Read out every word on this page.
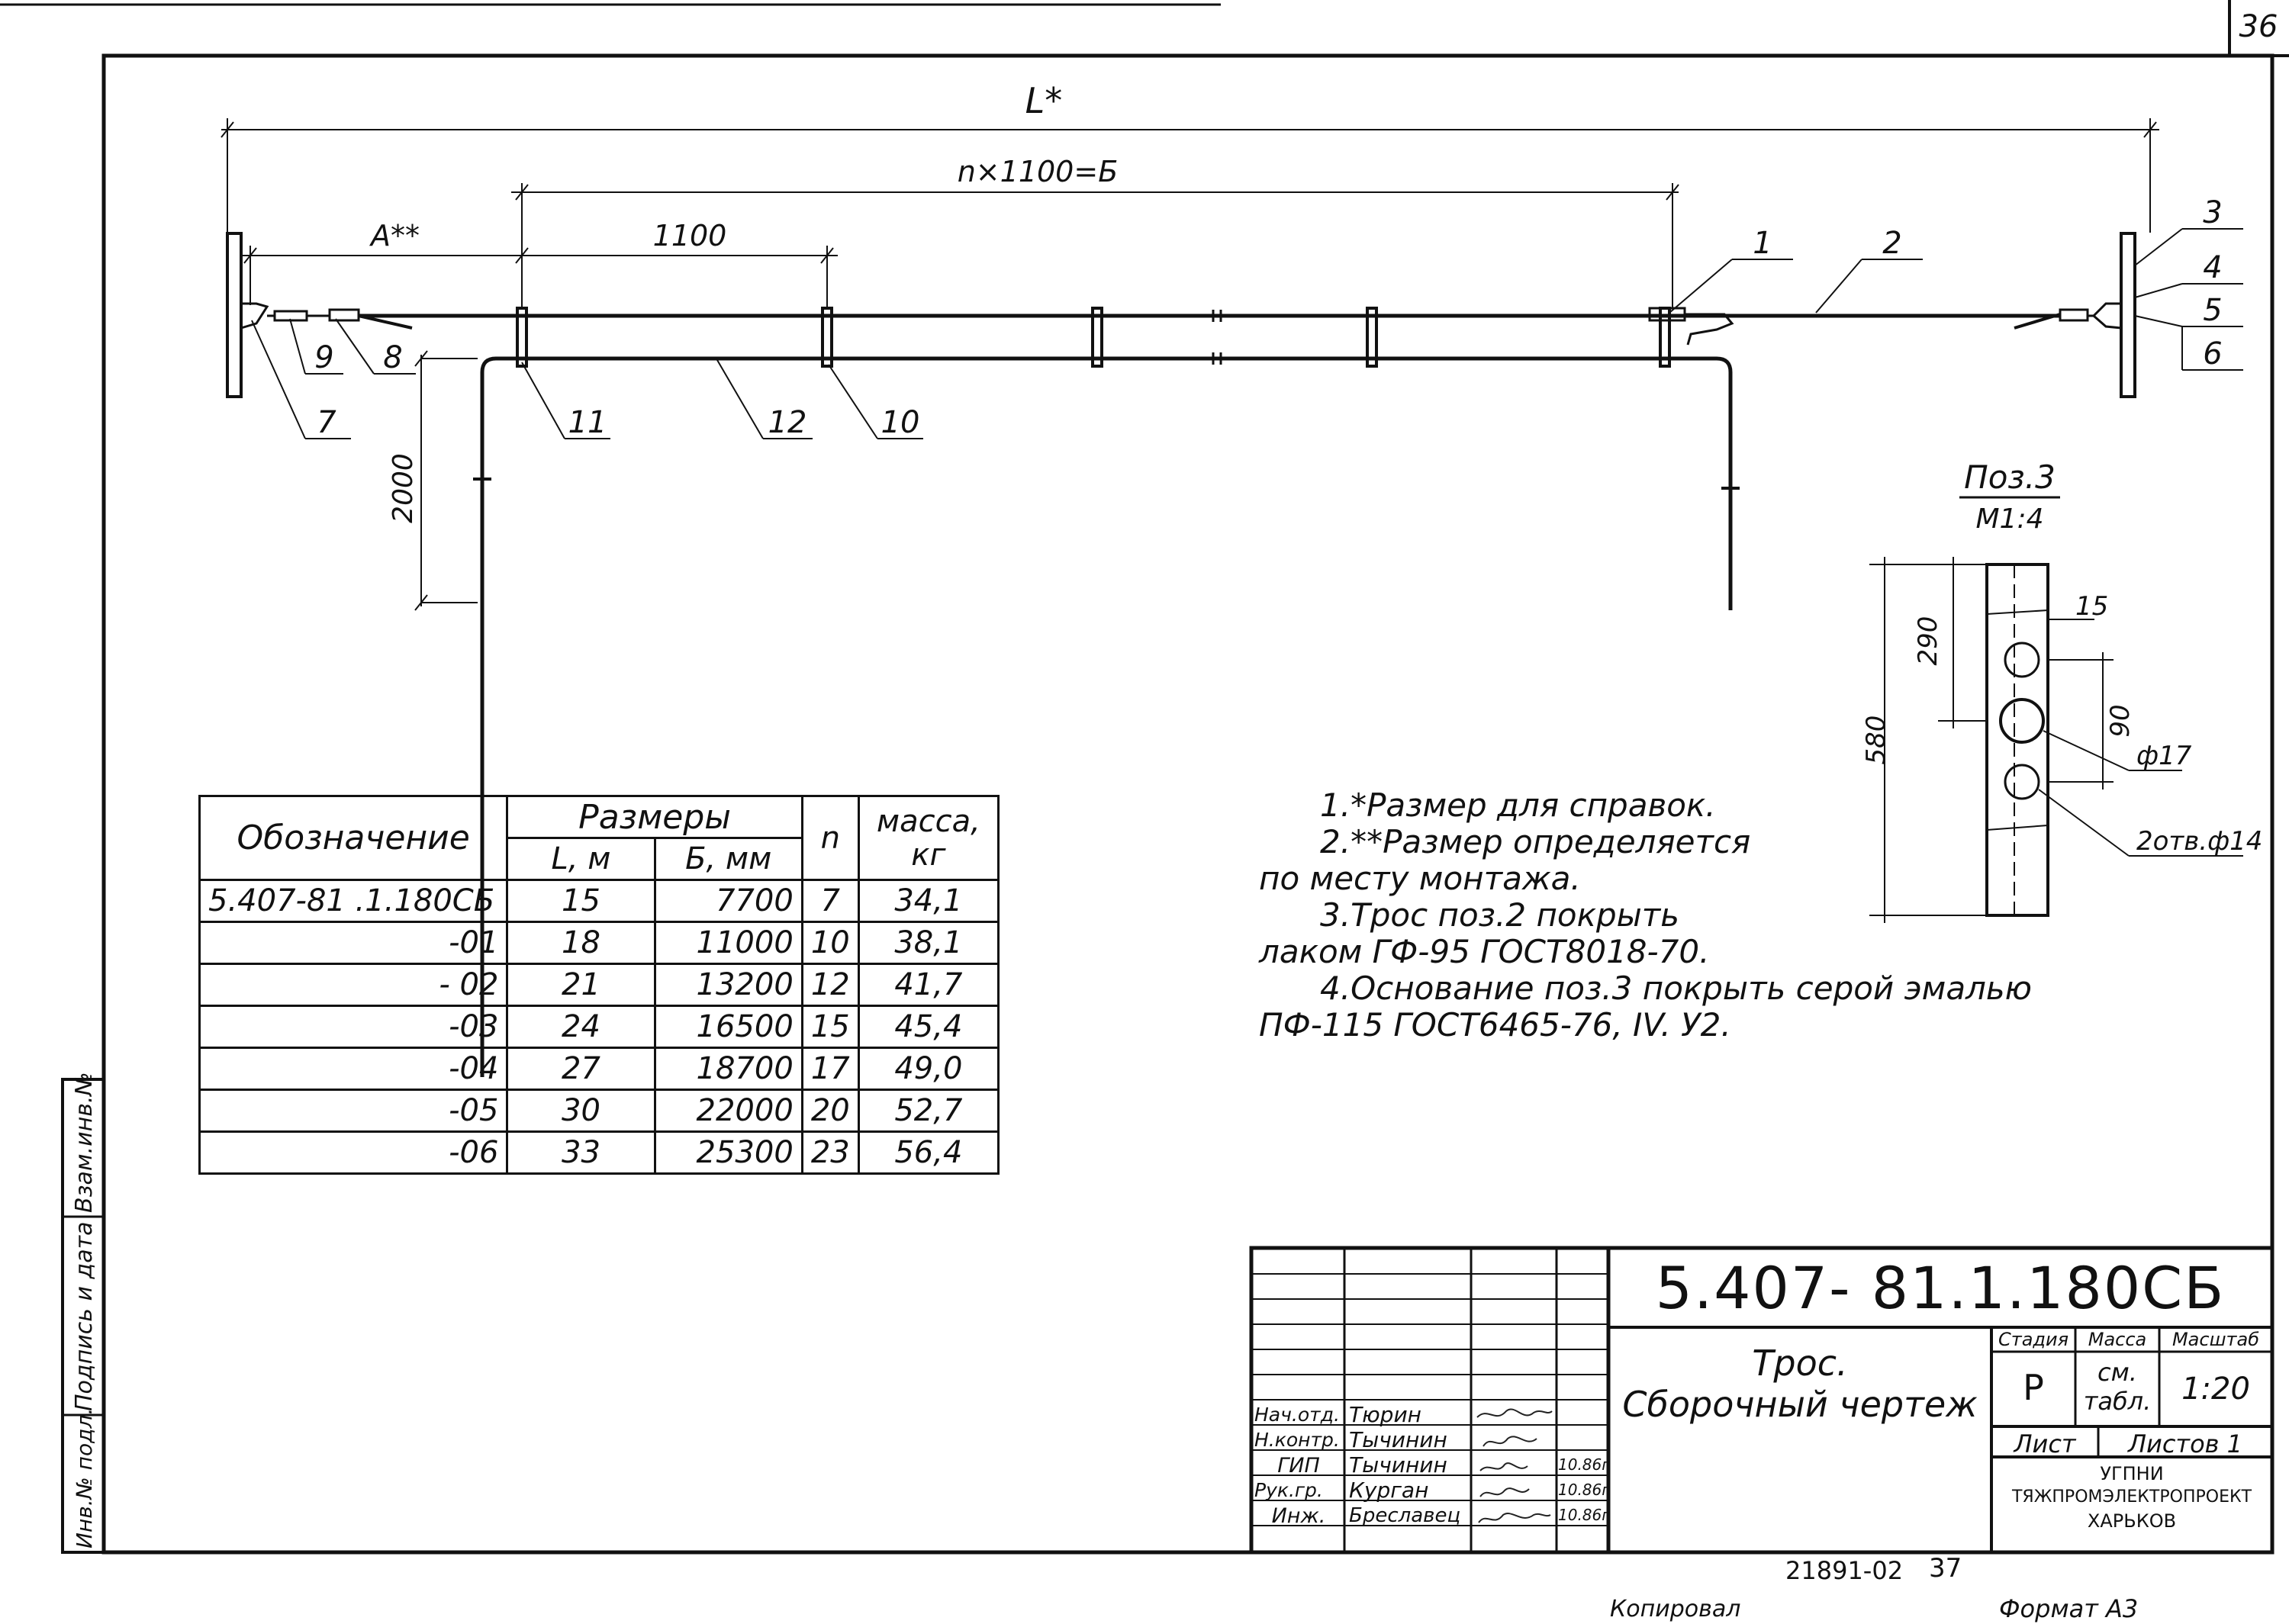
36
Взам.инв.№
Подпись и дата
Инв.№ подл.
L*
n×1100=Б
A**	1100
2000
1	2
3
4
5
6
7
8
9
10
11	12
Поз.3
М1:4
580
290
90
15
ф17
2отв.ф14
Обозначение	Размеры		n	масса, кг
	L, м	Б, мм		
5.407-81 .1.180СБ	15	7700	7	34,1
-01	18	11000	10	38,1
- 02	21	13200	12	41,7
-03	24	16500	15	45,4
-04	27	18700	17	49,0
-05	30	22000	20	52,7
-06	33	25300	23	56,4
1.*Размер для справок.
2.**Размер определяется
по месту монтажа.
3.Трос поз.2 покрыть
лаком ГФ-95 ГОСТ8018-70.
4.Основание поз.3 покрыть серой эмалью
ПФ-115 ГОСТ6465-76, IV. У2.
5.407- 81.1.180СБ
Трос.
Сборочный чертеж
Стадия	Масса	Масштаб
Р	см. табл. 1:20
Лист	Листов 1
УГПНИ
ТЯЖПРОМЭЛЕКТРОПРОЕКТ
ХАРЬКОВ
Нач.отд. Тюрин
Н.контр. Тычинин
ГИП	Тычинин	10.86г
Рук.гр.	Курган	10.86г
Инж.	Бреславец	10.86г
21891-02 37
Копировал	Формат А3
